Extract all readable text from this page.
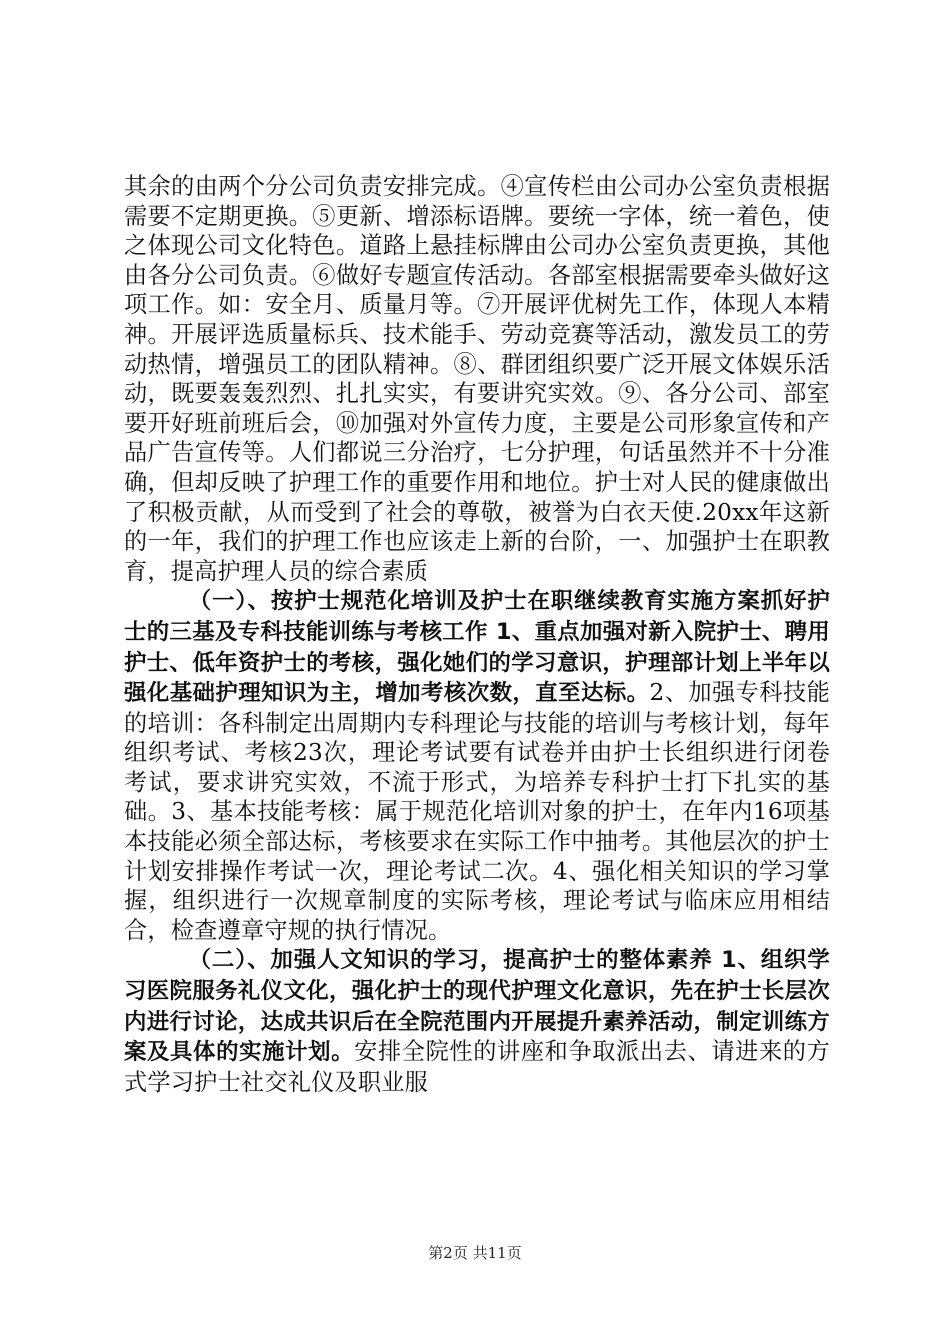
其余的由两个分公司负责安排完成。④宣传栏由公司办公室负责根据需要不定期更换。⑤更新、增添标语牌。要统一字体，统一着色，使之体现公司文化特色。道路上悬挂标牌由公司办公室负责更换，其他由各分公司负责。⑥做好专题宣传活动。各部室根据需要牵头做好这项工作。如：安全月、质量月等。⑦开展评优树先工作，体现人本精神。开展评选质量标兵、技术能手、劳动竞赛等活动，激发员工的劳动热情，增强员工的团队精神。⑧、群团组织要广泛开展文体娱乐活动，既要轰轰烈烈、扎扎实实，有要讲究实效。⑨、各分公司、部室要开好班前班后会，⑩加强对外宣传力度，主要是公司形象宣传和产品广告宣传等。人们都说三分治疗，七分护理，句话虽然并不十分准确，但却反映了护理工作的重要作用和地位。护士对人民的健康做出了积极贡献，从而受到了社会的尊敬，被誉为白衣天使.20xx年这新的一年，我们的护理工作也应该走上新的台阶，一、加强护士在职教育，提高护理人员的综合素质

（一）、按护士规范化培训及护士在职继续教育实施方案抓好护士的三基及专科技能训练与考核工作 1、重点加强对新入院护士、聘用护士、低年资护士的考核，强化她们的学习意识，护理部计划上半年以强化基础护理知识为主，增加考核次数，直至达标。2、加强专科技能的培训：各科制定出周期内专科理论与技能的培训与考核计划，每年组织考试、考核23次，理论考试要有试卷并由护士长组织进行闭卷考试，要求讲究实效，不流于形式，为培养专科护士打下扎实的基础。3、基本技能考核：属于规范化培训对象的护士，在年内16项基本技能必须全部达标，考核要求在实际工作中抽考。其他层次的护士计划安排操作考试一次，理论考试二次。4、强化相关知识的学习掌握，组织进行一次规章制度的实际考核，理论考试与临床应用相结合，检查遵章守规的执行情况。

（二）、加强人文知识的学习，提高护士的整体素养 1、组织学习医院服务礼仪文化，强化护士的现代护理文化意识，先在护士长层次内进行讨论，达成共识后在全院范围内开展提升素养活动，制定训练方案及具体的实施计划。安排全院性的讲座和争取派出去、请进来的方式学习护士社交礼仪及职业服

第2页 共11页
